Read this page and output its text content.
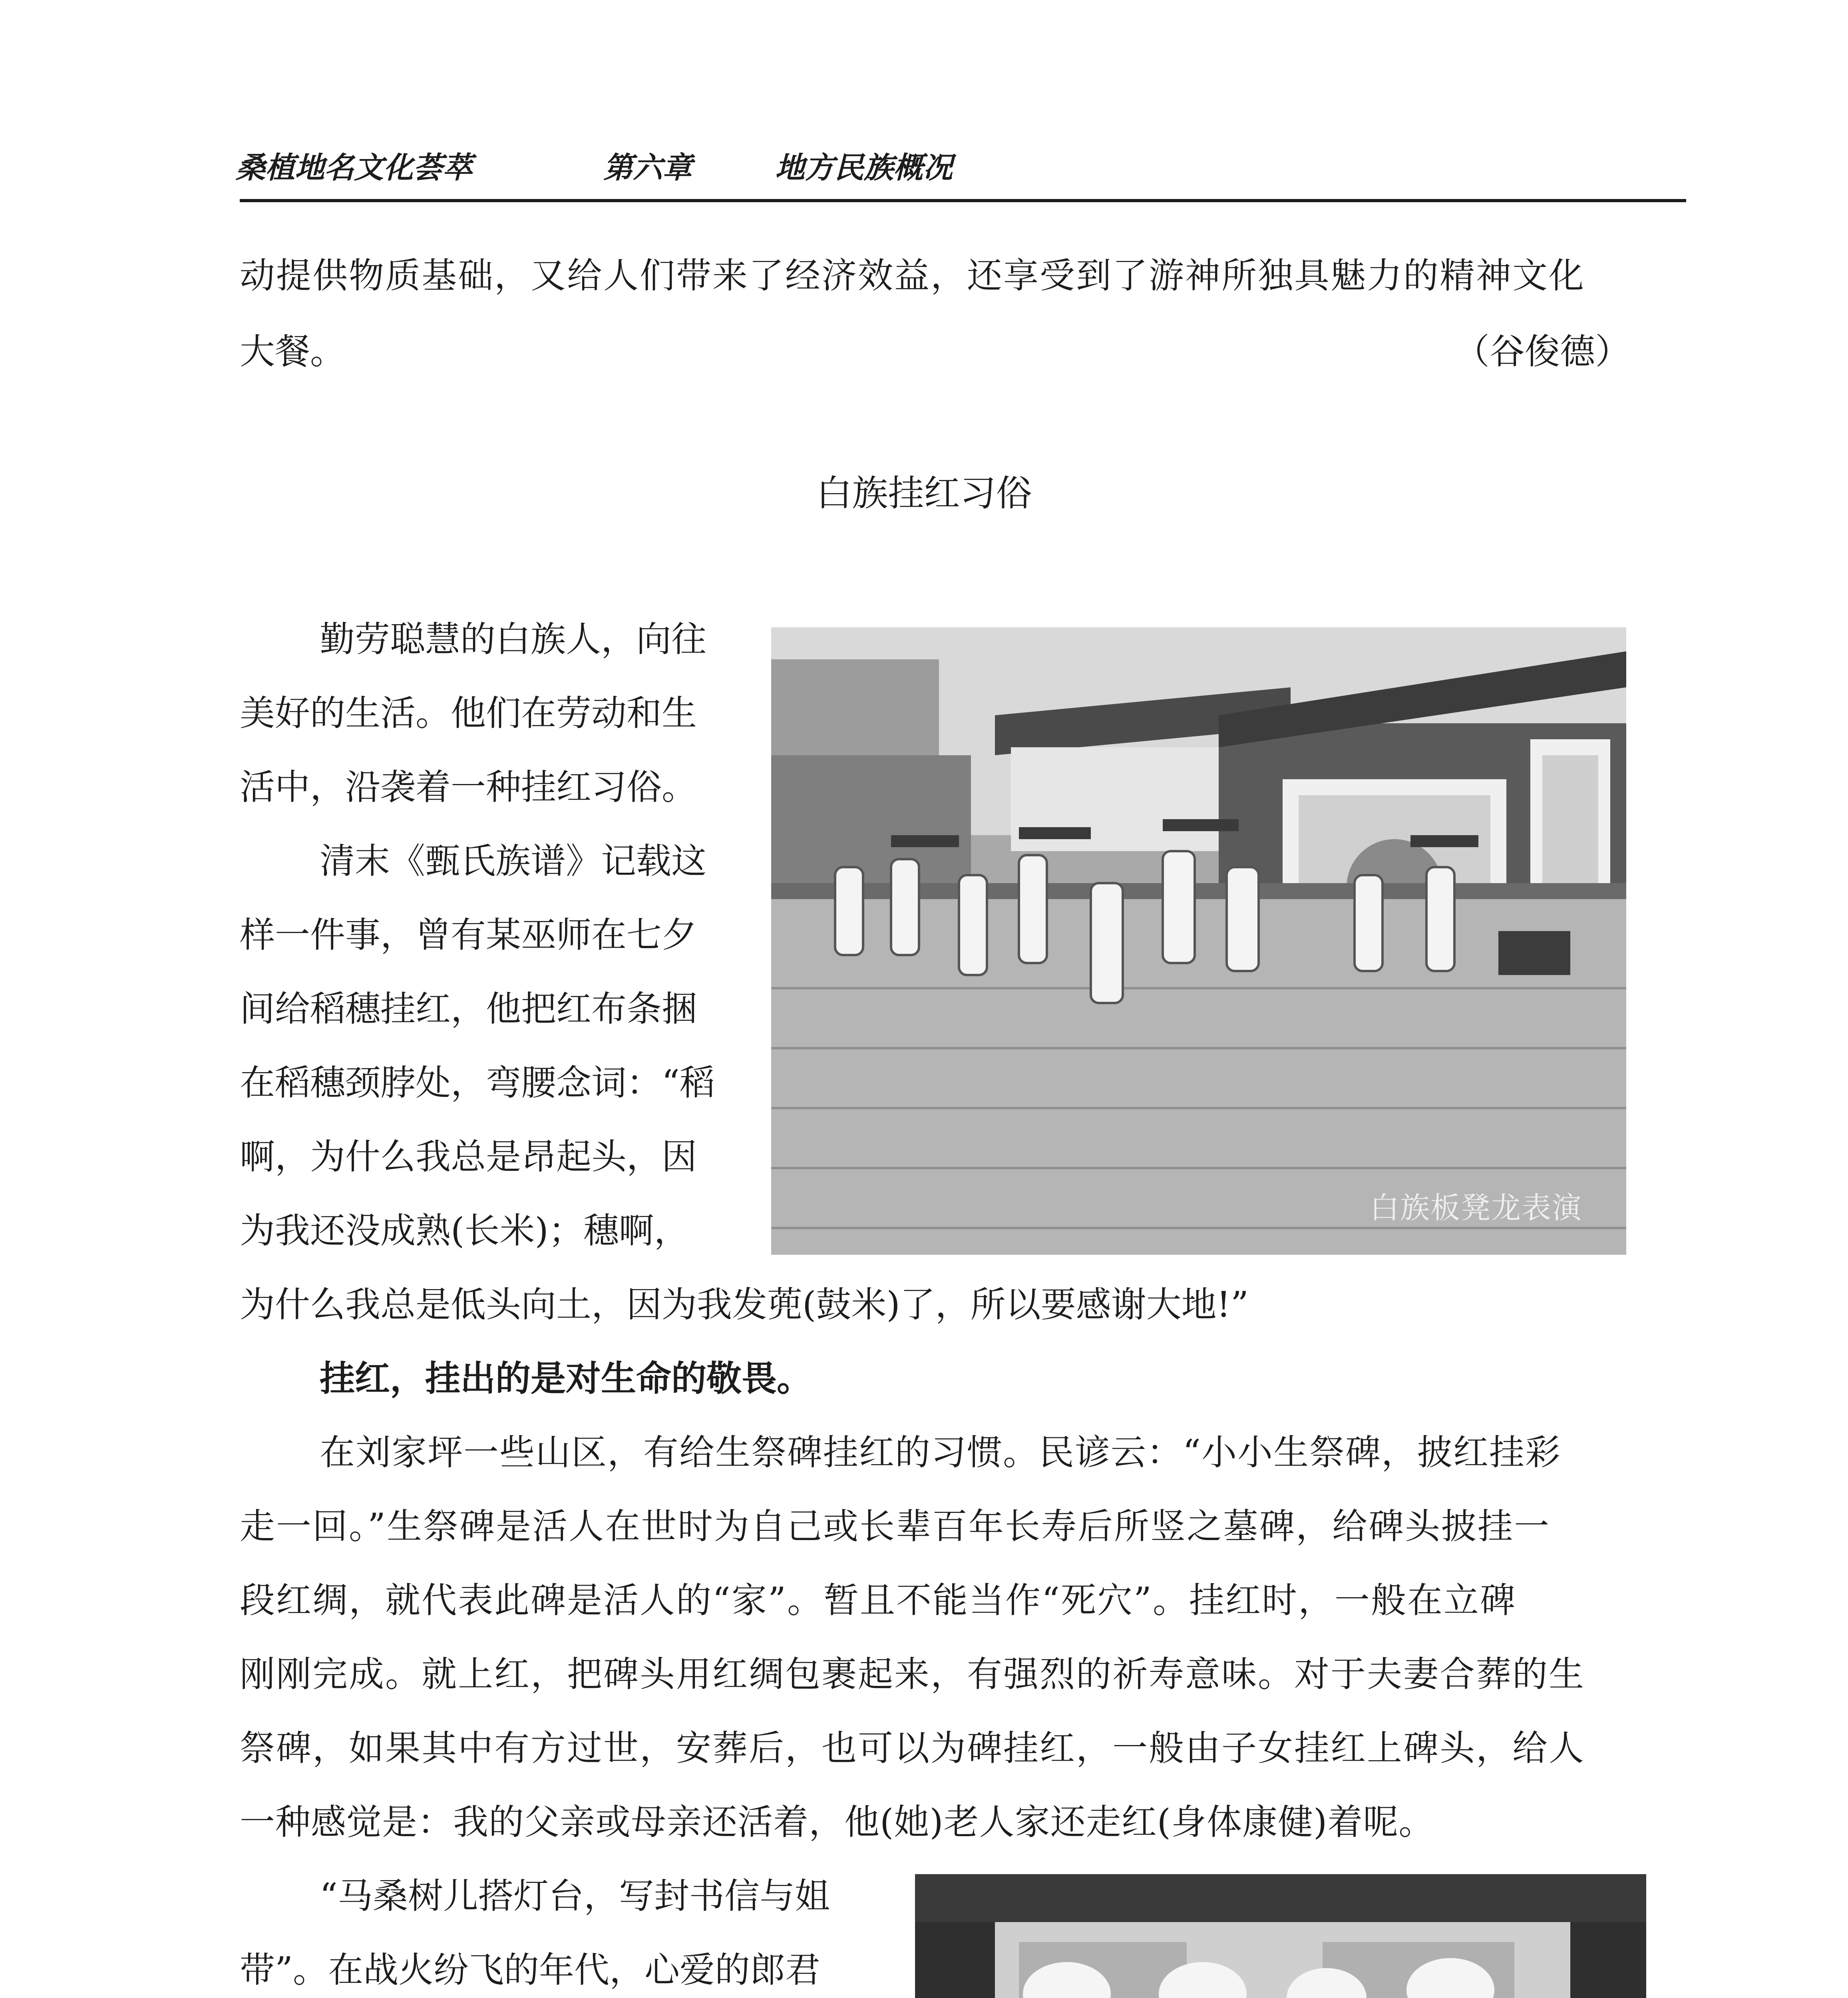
桑植地名文化荟萃	第六章	地方民族概况
动提供物质基础，又给人们带来了经济效益，还享受到了游神所独具魅力的精神文化
大餐。	（谷俊德）
白族挂红习俗
勤劳聪慧的白族人，向往
美好的生活。他们在劳动和生
活中，沿袭着一种挂红习俗。
清末《甄氏族谱》记载这
样一件事，曾有某巫师在七夕
间给稻穗挂红，他把红布条捆
在稻穗颈脖处，弯腰念词：“稻
啊，为什么我总是昂起头，因
为我还没成熟(长米)；穗啊，
为什么我总是低头向土，因为我发蔸(鼓米)了，所以要感谢大地!”
白族板凳龙表演
挂红，挂出的是对生命的敬畏。
在刘家坪一些山区，有给生祭碑挂红的习惯。民谚云：“小小生祭碑，披红挂彩
走一回。”生祭碑是活人在世时为自己或长辈百年长寿后所竖之墓碑，给碑头披挂一
段红绸，就代表此碑是活人的“家”。暂且不能当作“死穴”。挂红时，一般在立碑
刚刚完成。就上红，把碑头用红绸包裹起来，有强烈的祈寿意味。对于夫妻合葬的生
祭碑，如果其中有方过世，安葬后，也可以为碑挂红，一般由子女挂红上碑头，给人
一种感觉是：我的父亲或母亲还活着，他(她)老人家还走红(身体康健)着呢。
“马桑树儿搭灯台，写封书信与姐
带”。在战火纷飞的年代，心爱的郎君
